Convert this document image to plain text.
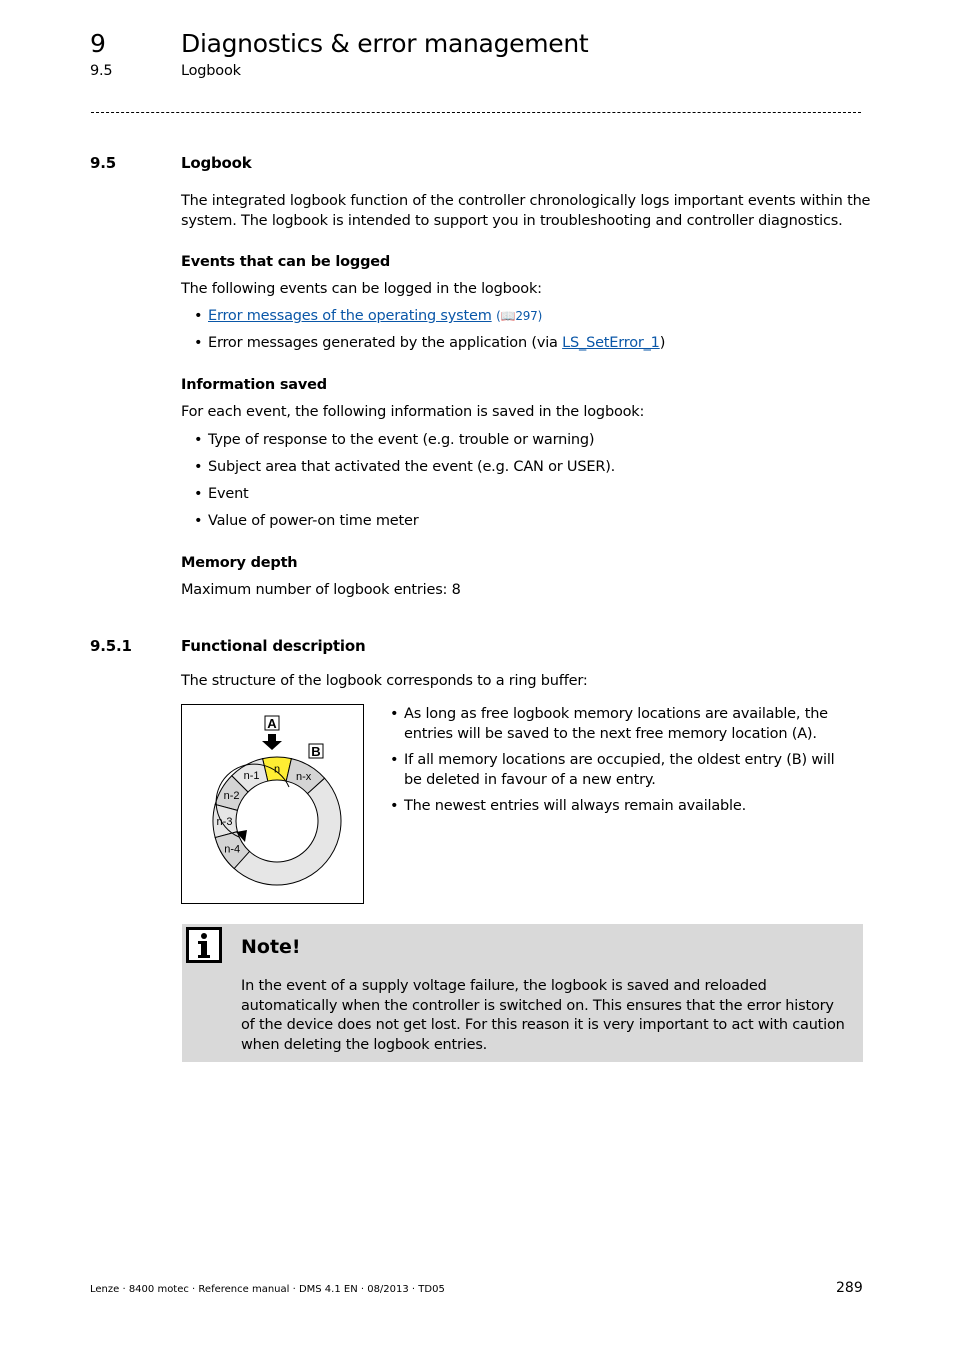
9	Diagnostics & error management
9.5	Logbook
9.5	Logbook
The integrated logbook function of the controller chronologically logs important events within the system. The logbook is intended to support you in troubleshooting and controller diagnostics.
Events that can be logged
The following events can be logged in the logbook:
• Error messages of the operating system (📖297)
• Error messages generated by the application (via LS_SetError_1)
Information saved
For each event, the following information is saved in the logbook:
• Type of response to the event (e.g. trouble or warning)
• Subject area that activated the event (e.g. CAN or USER).
• Event
• Value of power-on time meter
Memory depth
Maximum number of logbook entries: 8
9.5.1	Functional description
The structure of the logbook corresponds to a ring buffer:
n
n-x
n-1
n-2
n-3
n-4
A
B
• As long as free logbook memory locations are available, the entries will be saved to the next free memory location (A).
• If all memory locations are occupied, the oldest entry (B) will be deleted in favour of a new entry.
• The newest entries will always remain available.
Note!
In the event of a supply voltage failure, the logbook is saved and reloaded automatically when the controller is switched on. This ensures that the error history of the device does not get lost. For this reason it is very important to act with caution when deleting the logbook entries.
Lenze · 8400 motec · Reference manual · DMS 4.1 EN · 08/2013 · TD05	289
